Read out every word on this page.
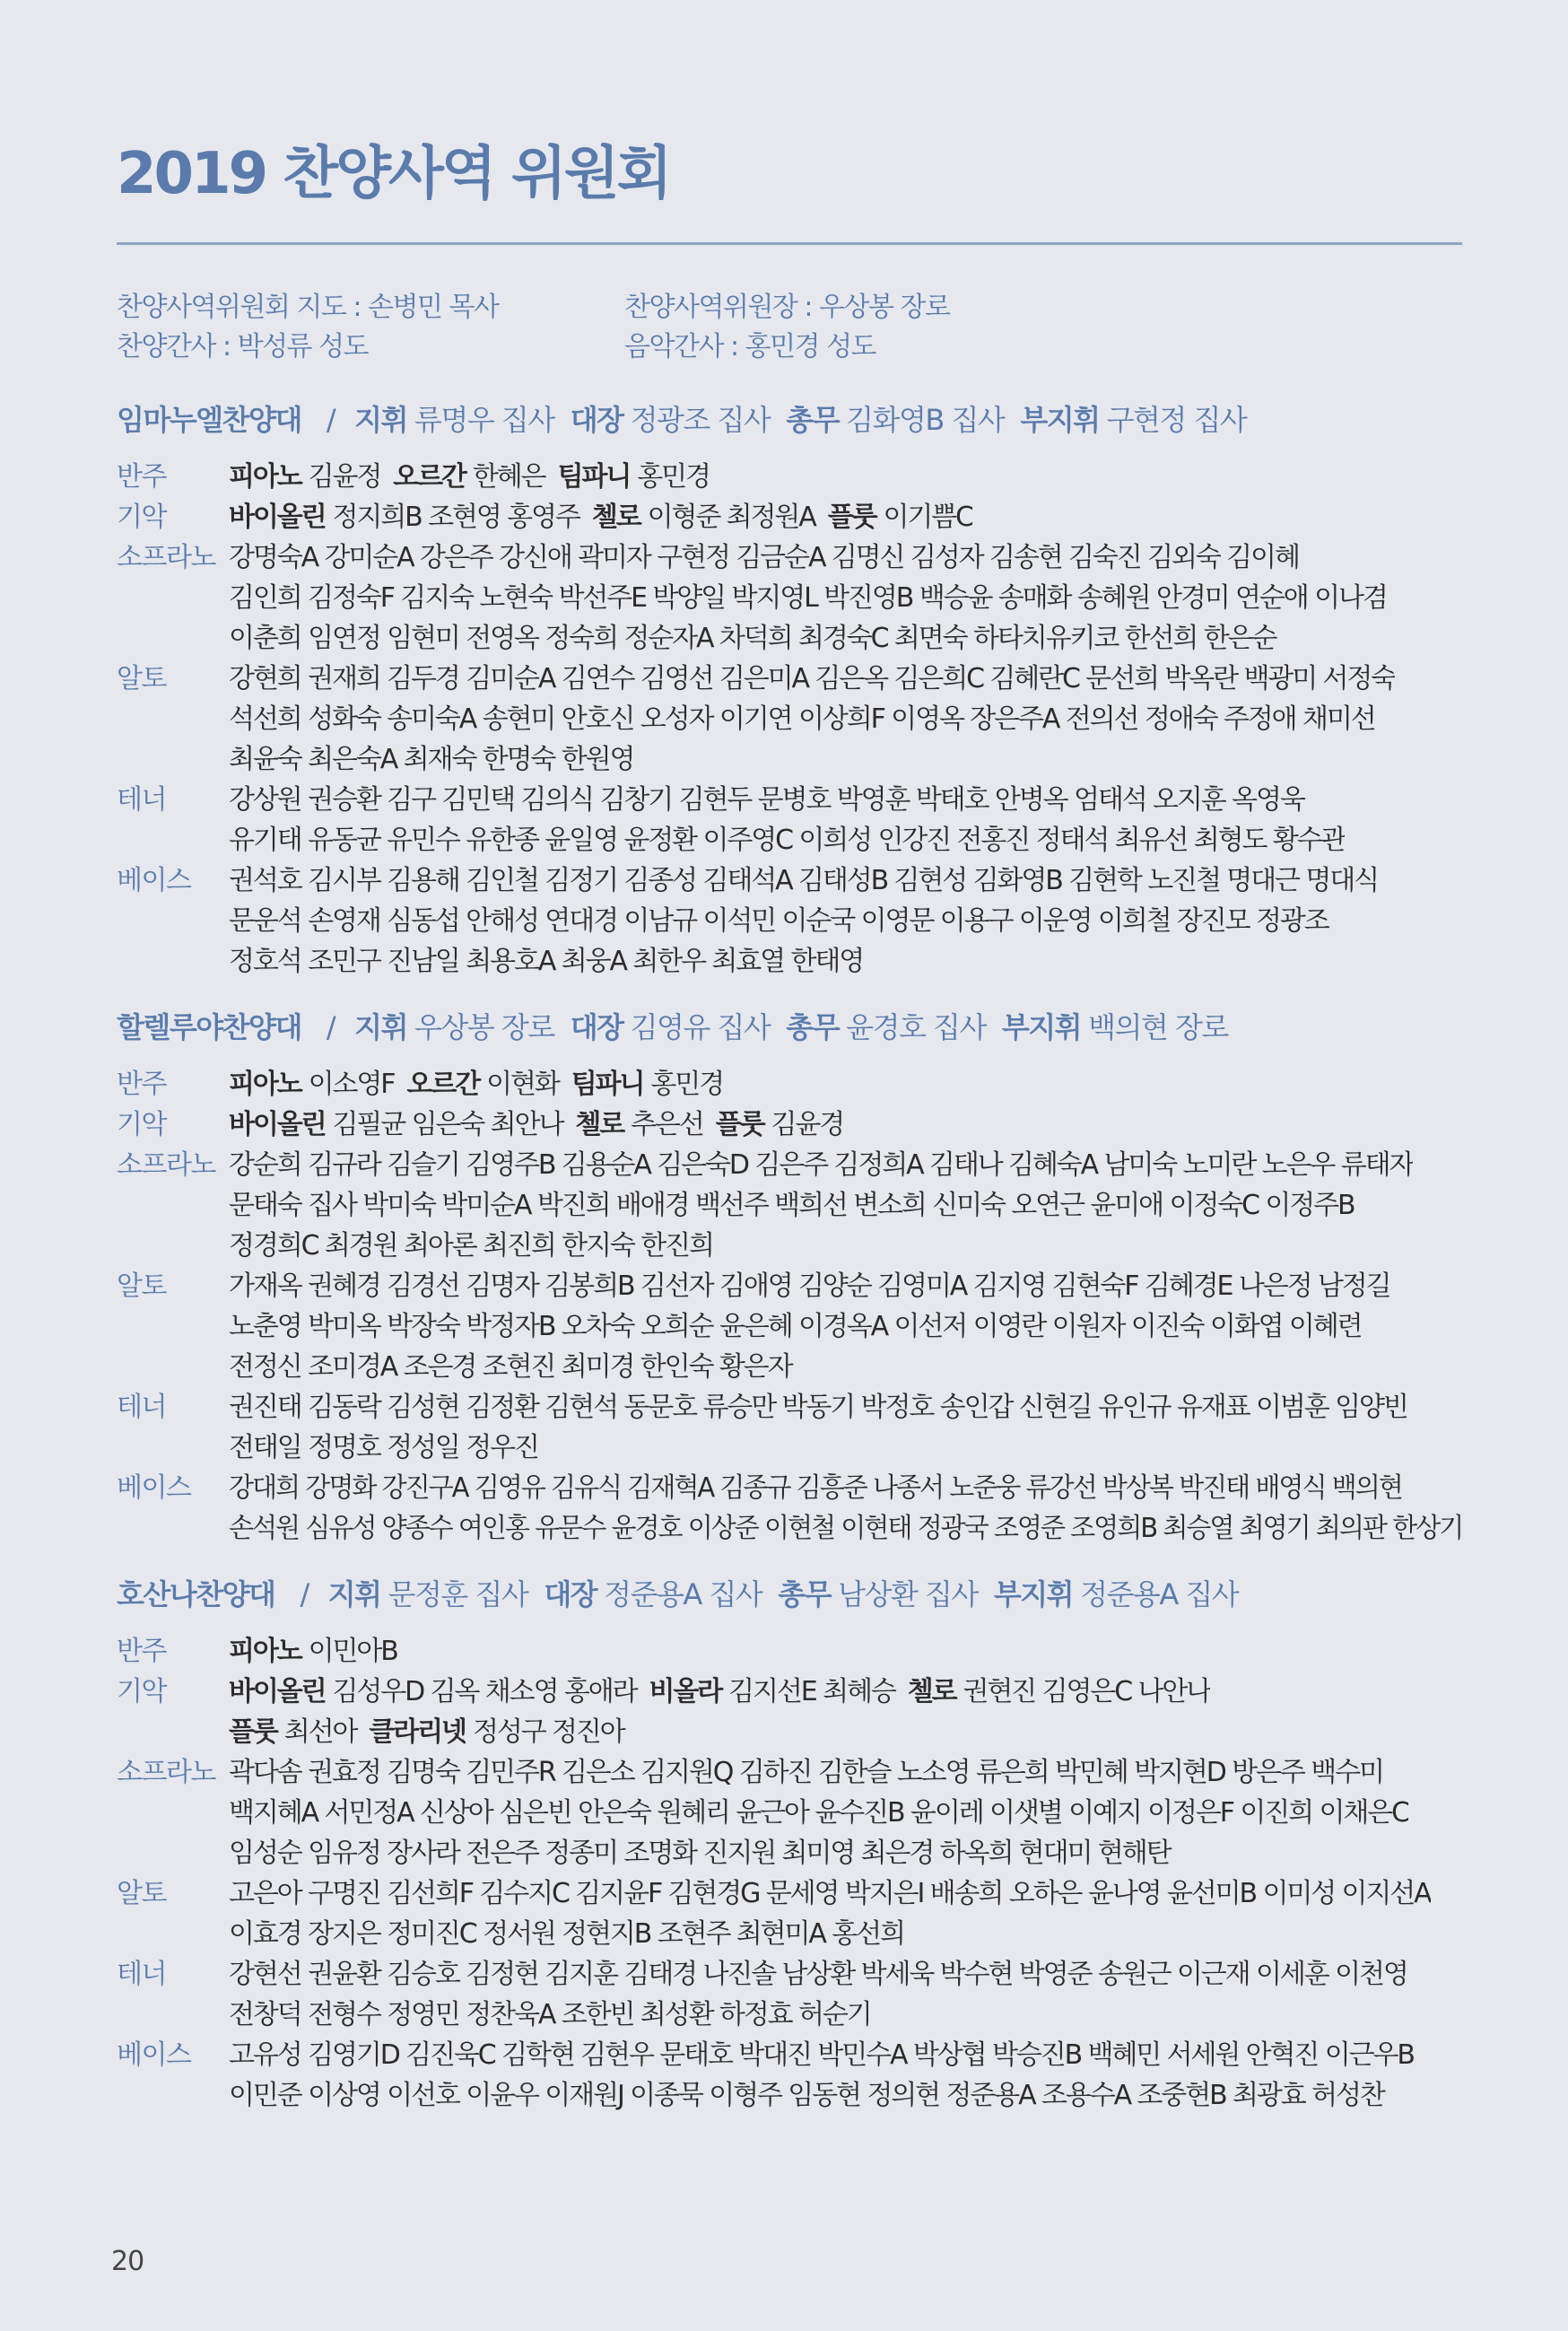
2019 찬양사역 위원회
찬양사역위원회 지도 : 손병민 목사	찬양사역위원장 : 우상봉 장로
찬양간사 : 박성류 성도	음악간사 : 홍민경 성도
임마누엘찬양대 / 지휘 류명우 집사 대장 정광조 집사 총무 김화영B 집사 부지휘 구현정 집사
반주	피아노 김윤정 오르간 한혜은 팀파니 홍민경
기악	바이올린 정지희B 조현영 홍영주 첼로 이형준 최정원A 플룻 이기쁨C
소프라노 강명숙A 강미순A 강은주 강신애 곽미자 구현정 김금순A 김명신 김성자 김송현 김숙진 김외숙 김이혜
김인희 김정숙F 김지숙 노현숙 박선주E 박양일 박지영L 박진영B 백승윤 송매화 송혜원 안경미 연순애 이나겸
이춘희 임연정 임현미 전영옥 정숙희 정순자A 차덕희 최경숙C 최면숙 하타치유키코 한선희 한은순
알토	강현희 권재희 김두경 김미순A 김연수 김영선 김은미A 김은옥 김은희C 김혜란C 문선희 박옥란 백광미 서정숙
석선희 성화숙 송미숙A 송현미 안호신 오성자 이기연 이상희F 이영옥 장은주A 전의선 정애숙 주정애 채미선
최윤숙 최은숙A 최재숙 한명숙 한원영
테너	강상원 권승환 김구 김민택 김의식 김창기 김현두 문병호 박영훈 박태호 안병옥 엄태석 오지훈 옥영욱
유기태 유동균 유민수 유한종 윤일영 윤정환 이주영C 이희성 인강진 전홍진 정태석 최유선 최형도 황수관
베이스	권석호 김시부 김용해 김인철 김정기 김종성 김태석A 김태성B 김현성 김화영B 김현학 노진철 명대근 명대식
문운석 손영재 심동섭 안해성 연대경 이남규 이석민 이순국 이영문 이용구 이운영 이희철 장진모 정광조
정호석 조민구 진남일 최용호A 최웅A 최한우 최효열 한태영
할렐루야찬양대 / 지휘 우상봉 장로 대장 김영유 집사 총무 윤경호 집사 부지휘 백의현 장로
반주	피아노 이소영F 오르간 이현화 팀파니 홍민경
기악	바이올린 김필균 임은숙 최안나 첼로 추은선 플룻 김윤경
소프라노 강순희 김규라 김슬기 김영주B 김용순A 김은숙D 김은주 김정희A 김태나 김혜숙A 남미숙 노미란 노은우 류태자
문태숙 집사 박미숙 박미순A 박진희 배애경 백선주 백희선 변소희 신미숙 오연근 윤미애 이정숙C 이정주B
정경희C 최경원 최아론 최진희 한지숙 한진희
알토	가재옥 권혜경 김경선 김명자 김봉희B 김선자 김애영 김양순 김영미A 김지영 김현숙F 김혜경E 나은정 남정길
노춘영 박미옥 박장숙 박정자B 오차숙 오희순 윤은혜 이경옥A 이선저 이영란 이원자 이진숙 이화엽 이혜련
전정신 조미경A 조은경 조현진 최미경 한인숙 황은자
테너	권진태 김동락 김성현 김정환 김현석 동문호 류승만 박동기 박정호 송인갑 신현길 유인규 유재표 이범훈 임양빈
전태일 정명호 정성일 정우진
베이스	강대희 강명화 강진구A 김영유 김유식 김재혁A 김종규 김흥준 나종서 노준웅 류강선 박상복 박진태 배영식 백의현
손석원 심유성 양종수 여인홍 유문수 윤경호 이상준 이현철 이현태 정광국 조영준 조영희B 최승열 최영기 최의판 한상기
호산나찬양대 / 지휘 문정훈 집사 대장 정준용A 집사 총무 남상환 집사 부지휘 정준용A 집사
반주	피아노 이민아B
기악	바이올린 김성우D 김옥 채소영 홍애라 비올라 김지선E 최혜승 첼로 권현진 김영은C 나안나
플룻 최선아 클라리넷 정성구 정진아
소프라노 곽다솜 권효정 김명숙 김민주R 김은소 김지원Q 김하진 김한슬 노소영 류은희 박민혜 박지현D 방은주 백수미
백지혜A 서민정A 신상아 심은빈 안은숙 원혜리 윤근아 윤수진B 윤이레 이샛별 이예지 이정은F 이진희 이채은C
임성순 임유정 장사라 전은주 정종미 조명화 진지원 최미영 최은경 하옥희 현대미 현해탄
알토	고은아 구명진 김선희F 김수지C 김지윤F 김현경G 문세영 박지은I 배송희 오하은 윤나영 윤선미B 이미성 이지선A
이효경 장지은 정미진C 정서원 정현지B 조현주 최현미A 홍선희
테너	강현선 권윤환 김승호 김정현 김지훈 김태경 나진솔 남상환 박세욱 박수현 박영준 송원근 이근재 이세훈 이천영
전창덕 전형수 정영민 정찬욱A 조한빈 최성환 하정효 허순기
베이스	고유성 김영기D 김진욱C 김학현 김현우 문태호 박대진 박민수A 박상협 박승진B 백혜민 서세원 안혁진 이근우B
이민준 이상영 이선호 이윤우 이재원J 이종묵 이형주 임동현 정의현 정준용A 조용수A 조중현B 최광효 허성찬
20
